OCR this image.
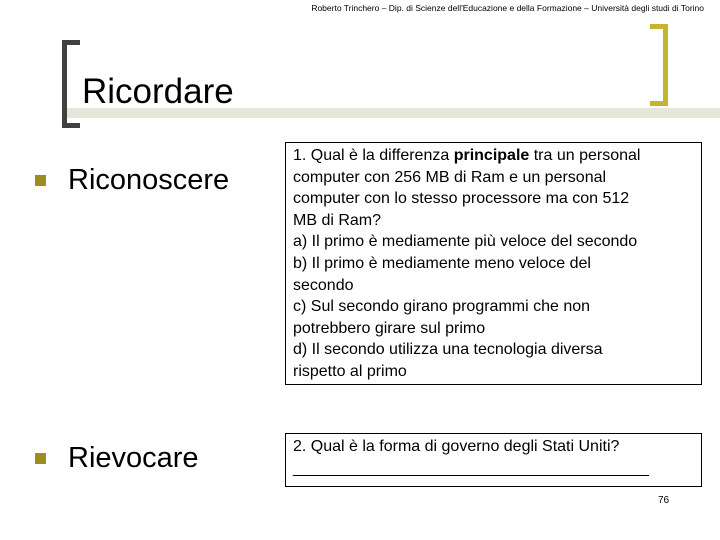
Roberto Trinchero – Dip. di Scienze dell'Educazione e della Formazione – Università degli studi di Torino
Ricordare
Riconoscere
Rievocare
1. Qual è la differenza principale tra un personal
computer con 256 MB di Ram e un personal
computer con lo stesso processore ma con 512
MB di Ram?
a) Il primo è mediamente più veloce del secondo
b) Il primo è mediamente meno veloce del
secondo
c) Sul secondo girano programmi che non
potrebbero girare sul primo
d) Il secondo utilizza una tecnologia diversa
rispetto al primo
2. Qual è la forma di governo degli Stati Uniti?
________________________________________
76
